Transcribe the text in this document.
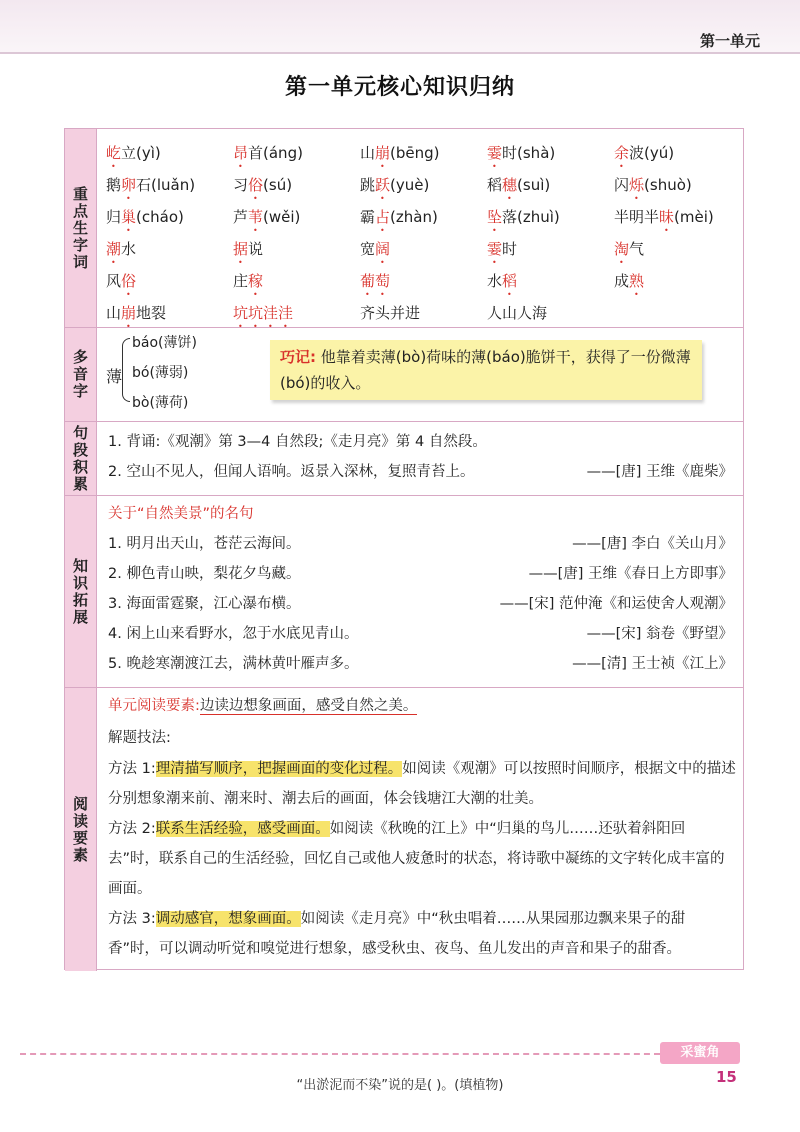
第一单元
第一单元核心知识归纳
重点生字词
屹立(yì)	昂首(áng)	山崩(bēng)	霎时(shà)	余波(yú)
鹅卵石(luǎn)	习俗(sú)	跳跃(yuè)	稻穗(suì)	闪烁(shuò)
归巢(cháo)	芦苇(wěi)	霸占(zhàn)	坠落(zhuì)	半明半昧(mèi)
潮水	据说	宽阔	霎时	淘气
风俗	庄稼	葡萄	水稻	成熟
山崩地裂	坑坑洼洼	齐头并进	人山人海
多音字 薄
báo(薄饼)
bó(薄弱)
bò(薄荷)
巧记: 他靠着卖薄(bò)荷味的薄(báo)脆饼干，获得了一份微薄(bó)的收入。
句段积累 1. 背诵:《观潮》第 3—4 自然段;《走月亮》第 4 自然段。
2. 空山不见人，但闻人语响。返景入深林，复照青苔上。	——[唐] 王维《鹿柴》
知识拓展
关于“自然美景”的名句
1. 明月出天山，苍茫云海间。	——[唐] 李白《关山月》
2. 柳色青山映，梨花夕鸟藏。	——[唐] 王维《春日上方即事》
3. 海面雷霆聚，江心瀑布横。	——[宋] 范仲淹《和运使舍人观潮》
4. 闲上山来看野水，忽于水底见青山。	——[宋] 翁卷《野望》
5. 晚趁寒潮渡江去，满林黄叶雁声多。	——[清] 王士祯《江上》
阅读要素
单元阅读要素:边读边想象画面，感受自然之美。
解题技法:
方法 1:理清描写顺序，把握画面的变化过程。如阅读《观潮》可以按照时间顺序，根据文中的描述分别想象潮来前、潮来时、潮去后的画面，体会钱塘江大潮的壮美。
方法 2:联系生活经验，感受画面。如阅读《秋晚的江上》中“归巢的鸟儿……还驮着斜阳回去”时，联系自己的生活经验，回忆自己或他人疲惫时的状态，将诗歌中凝练的文字转化成丰富的画面。
方法 3:调动感官，想象画面。如阅读《走月亮》中“秋虫唱着……从果园那边飘来果子的甜香”时，可以调动听觉和嗅觉进行想象，感受秋虫、夜鸟、鱼儿发出的声音和果子的甜香。
采蜜角
“出淤泥而不染”说的是( )。(填植物)	15
